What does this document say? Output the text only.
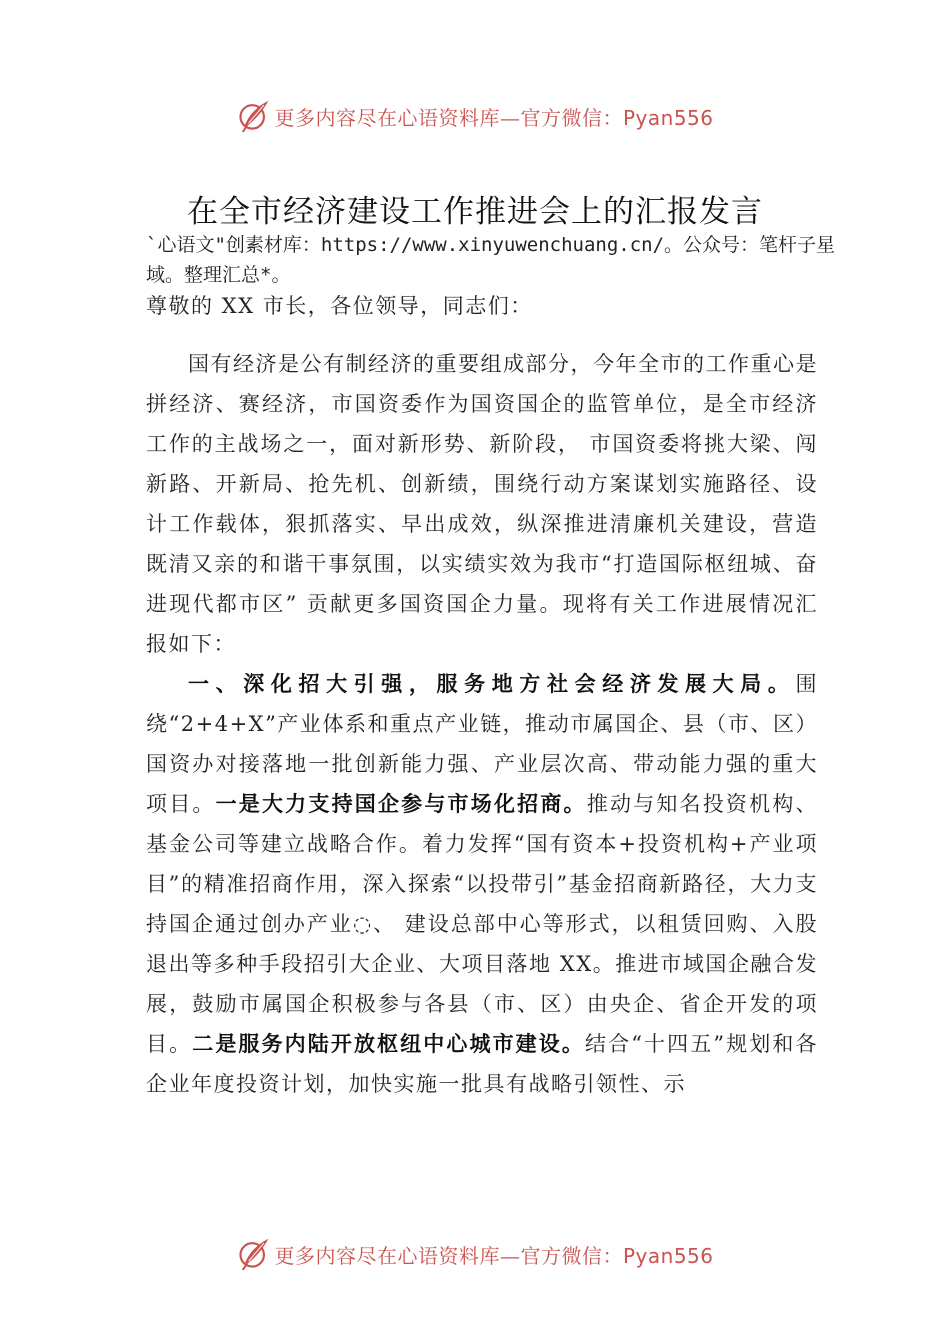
更多内容尽在心语资料库—官方微信：Pyan556
在全市经济建设工作推进会上的汇报发言
`心语文"创素材库：https://www.xinyuwenchuang.cn/。公众号：笔杆子星域。整理汇总*。

尊敬的 XX 市长，各位领导，同志们：

国有经济是公有制经济的重要组成部分，今年全市的工作重心是拼经济、赛经济，市国资委作为国资国企的监管单位，是全市经济工作的主战场之一，面对新形势、新阶段， 市国资委将挑大梁、闯新路、开新局、抢先机、创新绩，围绕行动方案谋划实施路径、设计工作载体，狠抓落实、早出成效，纵深推进清廉机关建设，营造既清又亲的和谐干事氛围，以实绩实效为我市“打造国际枢纽城、奋进现代都市区” 贡献更多国资国企力量。现将有关工作进展情况汇报如下：

一、深化招大引强，服务地方社会经济发展大局。围绕“2+4+X”产业体系和重点产业链，推动市属国企、县（市、区）国资办对接落地一批创新能力强、产业层次高、带动能力强的重大项目。一是大力支持国企参与市场化招商。推动与知名投资机构、基金公司等建立战略合作。着力发挥“国有资本+投资机构+产业项目”的精准招商作用，深入探索“以投带引”基金招商新路径，大力支持国企通过创办产业◌、 建设总部中心等形式，以租赁回购、入股退出等多种手段招引大企业、大项目落地 XX。推进市域国企融合发展，鼓励市属国企积极参与各县（市、区）由央企、省企开发的项目。二是服务内陆开放枢纽中心城市建设。结合“十四五”规划和各企业年度投资计划，加快实施一批具有战略引领性、示

更多内容尽在心语资料库—官方微信：Pyan556
